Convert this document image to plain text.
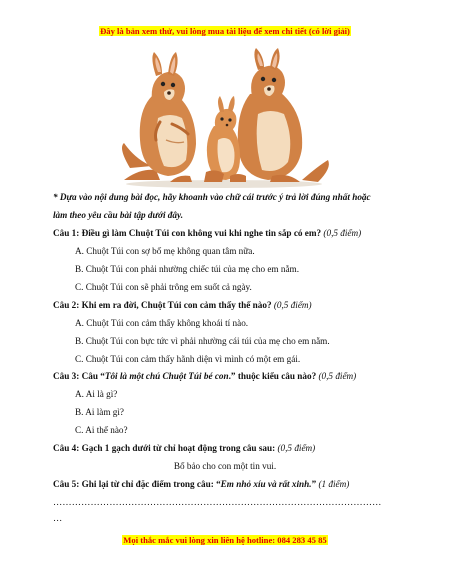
Đây là bản xem thử, vui lòng mua tài liệu để xem chi tiết (có lời giải)
* Dựa vào nội dung bài đọc, hãy khoanh vào chữ cái trước ý trả lời đúng nhất hoặc
làm theo yêu cầu bài tập dưới đây.
Câu 1: Điều gì làm Chuột Túi con không vui khi nghe tin sắp có em? (0,5 điểm)
A. Chuột Túi con sợ bố mẹ không quan tâm nữa.
B. Chuột Túi con phải nhường chiếc túi của mẹ cho em nằm.
C. Chuột Túi con sẽ phải trông em suốt cả ngày.
Câu 2: Khi em ra đời, Chuột Túi con cảm thấy thế nào? (0,5 điểm)
A. Chuột Túi con cảm thấy không khoái tí nào.
B. Chuột Túi con bực tức vì phải nhường cái túi của mẹ cho em nằm.
C. Chuột Túi con cảm thấy hãnh diện vì mình có một em gái.
Câu 3: Câu “Tôi là một chú Chuột Túi bé con.” thuộc kiểu câu nào? (0,5 điểm)
A. Ai là gì?
B. Ai làm gì?
C. Ai thế nào?
Câu 4: Gạch 1 gạch dưới từ chỉ hoạt động trong câu sau: (0,5 điểm)
Bố bảo cho con một tin vui.
Câu 5: Ghi lại từ chỉ đặc điểm trong câu: “Em nhỏ xíu và rất xinh.” (1 điểm)
……………………………………………………………………………………………
…
Mọi thắc mắc vui lòng xin liên hệ hotline: 084 283 45 85
